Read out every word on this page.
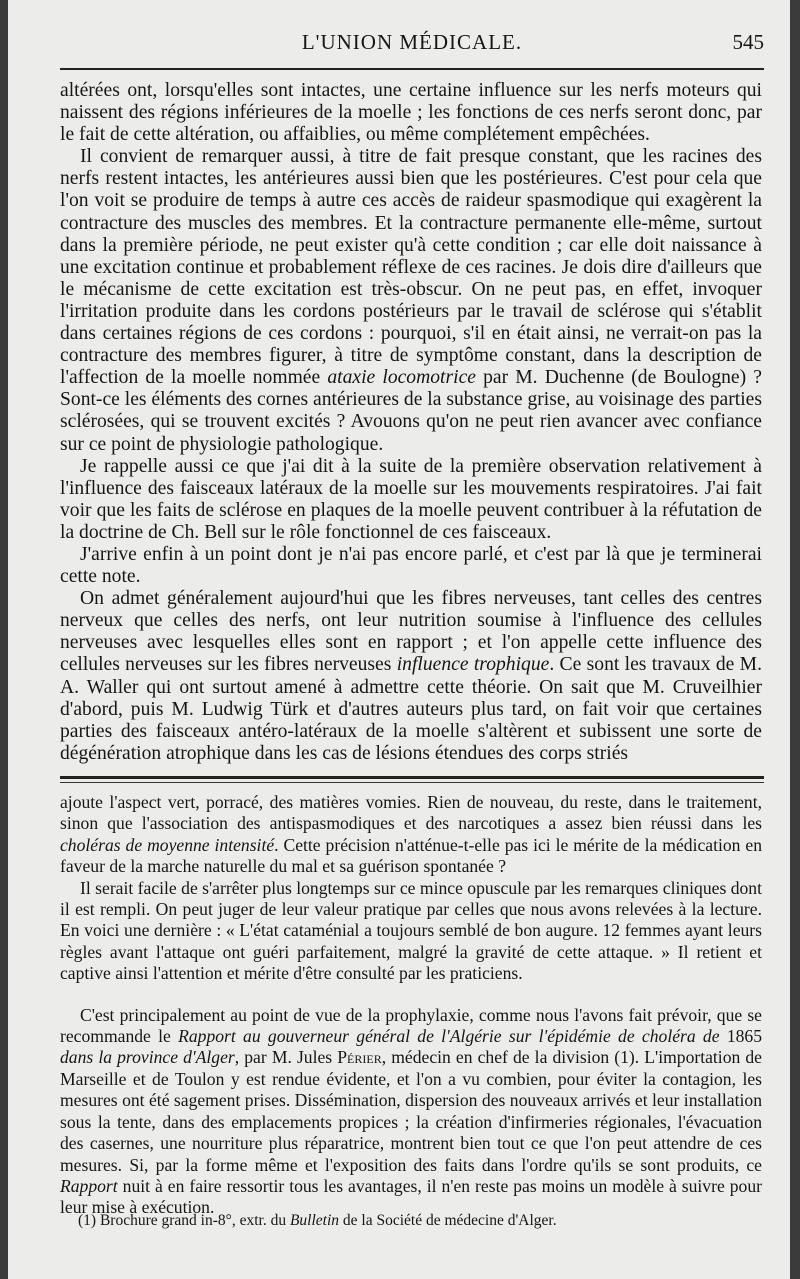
L'UNION MÉDICALE.	545

altérées ont, lorsqu'elles sont intactes, une certaine influence sur les nerfs moteurs qui naissent des régions inférieures de la moelle ; les fonctions de ces nerfs seront donc, par le fait de cette altération, ou affaiblies, ou même complétement empêchées.

Il convient de remarquer aussi, à titre de fait presque constant, que les racines des nerfs restent intactes, les antérieures aussi bien que les postérieures. C'est pour cela que l'on voit se produire de temps à autre ces accès de raideur spasmodique qui exagèrent la contracture des muscles des membres. Et la contracture permanente elle-même, surtout dans la première période, ne peut exister qu'à cette condition ; car elle doit naissance à une excitation continue et probablement réflexe de ces racines. Je dois dire d'ailleurs que le mécanisme de cette excitation est très-obscur. On ne peut pas, en effet, invoquer l'irritation produite dans les cordons postérieurs par le travail de sclérose qui s'établit dans certaines régions de ces cordons : pourquoi, s'il en était ainsi, ne verrait-on pas la contracture des membres figurer, à titre de symptôme constant, dans la description de l'affection de la moelle nommée ataxie locomotrice par M. Duchenne (de Boulogne) ? Sont-ce les éléments des cornes antérieures de la substance grise, au voisinage des parties sclérosées, qui se trouvent excités ? Avouons qu'on ne peut rien avancer avec confiance sur ce point de physiologie pathologique.

Je rappelle aussi ce que j'ai dit à la suite de la première observation relativement à l'influence des faisceaux latéraux de la moelle sur les mouvements respiratoires. J'ai fait voir que les faits de sclérose en plaques de la moelle peuvent contribuer à la réfutation de la doctrine de Ch. Bell sur le rôle fonctionnel de ces faisceaux.

J'arrive enfin à un point dont je n'ai pas encore parlé, et c'est par là que je terminerai cette note.

On admet généralement aujourd'hui que les fibres nerveuses, tant celles des centres nerveux que celles des nerfs, ont leur nutrition soumise à l'influence des cellules nerveuses avec lesquelles elles sont en rapport ; et l'on appelle cette influence des cellules nerveuses sur les fibres nerveuses influence trophique. Ce sont les travaux de M. A. Waller qui ont surtout amené à admettre cette théorie. On sait que M. Cruveilhier d'abord, puis M. Ludwig Türk et d'autres auteurs plus tard, on fait voir que certaines parties des faisceaux antéro-latéraux de la moelle s'altèrent et subissent une sorte de dégénération atrophique dans les cas de lésions étendues des corps striés

ajoute l'aspect vert, porracé, des matières vomies. Rien de nouveau, du reste, dans le traitement, sinon que l'association des antispasmodiques et des narcotiques a assez bien réussi dans les choléras de moyenne intensité. Cette précision n'atténue-t-elle pas ici le mérite de la médication en faveur de la marche naturelle du mal et sa guérison spontanée ?

Il serait facile de s'arrêter plus longtemps sur ce mince opuscule par les remarques cliniques dont il est rempli. On peut juger de leur valeur pratique par celles que nous avons relevées à la lecture. En voici une dernière : « L'état cataménial a toujours semblé de bon augure. 12 femmes ayant leurs règles avant l'attaque ont guéri parfaitement, malgré la gravité de cette attaque. » Il retient et captive ainsi l'attention et mérite d'être consulté par les praticiens.

C'est principalement au point de vue de la prophylaxie, comme nous l'avons fait prévoir, que se recommande le Rapport au gouverneur général de l'Algérie sur l'épidémie de choléra de 1865 dans la province d'Alger, par M. Jules Périer, médecin en chef de la division (1). L'importation de Marseille et de Toulon y est rendue évidente, et l'on a vu combien, pour éviter la contagion, les mesures ont été sagement prises. Dissémination, dispersion des nouveaux arrivés et leur installation sous la tente, dans des emplacements propices ; la création d'infirmeries régionales, l'évacuation des casernes, une nourriture plus réparatrice, montrent bien tout ce que l'on peut attendre de ces mesures. Si, par la forme même et l'exposition des faits dans l'ordre qu'ils se sont produits, ce Rapport nuit à en faire ressortir tous les avantages, il n'en reste pas moins un modèle à suivre pour leur mise à exécution.

(1) Brochure grand in-8°, extr. du Bulletin de la Société de médecine d'Alger.
